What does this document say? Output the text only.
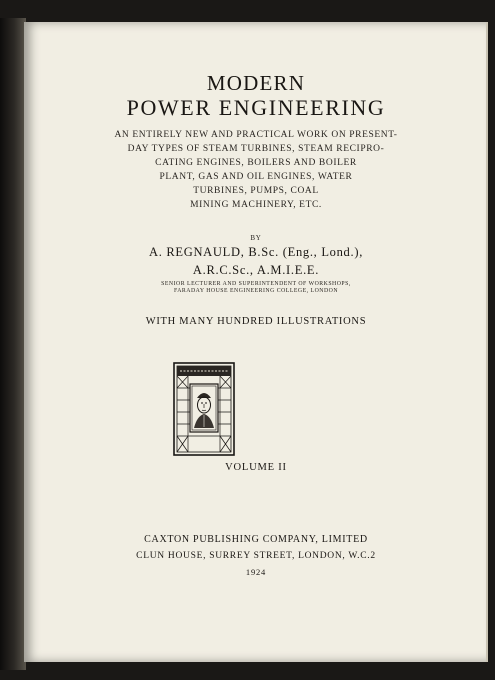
MODERN
POWER ENGINEERING
AN ENTIRELY NEW AND PRACTICAL WORK ON PRESENT-
DAY TYPES OF STEAM TURBINES, STEAM RECIPRO-
CATING ENGINES, BOILERS AND BOILER
PLANT, GAS AND OIL ENGINES, WATER
TURBINES, PUMPS, COAL
MINING MACHINERY, ETC.
BY
A. REGNAULD, B.Sc. (Eng., Lond.),
A.R.C.Sc., A.M.I.E.E.
SENIOR LECTURER AND SUPERINTENDENT OF WORKSHOPS,
FARADAY HOUSE ENGINEERING COLLEGE, LONDON
WITH MANY HUNDRED ILLUSTRATIONS
VOLUME II
CAXTON PUBLISHING COMPANY, LIMITED
CLUN HOUSE, SURREY STREET, LONDON, W.C.2
1924
